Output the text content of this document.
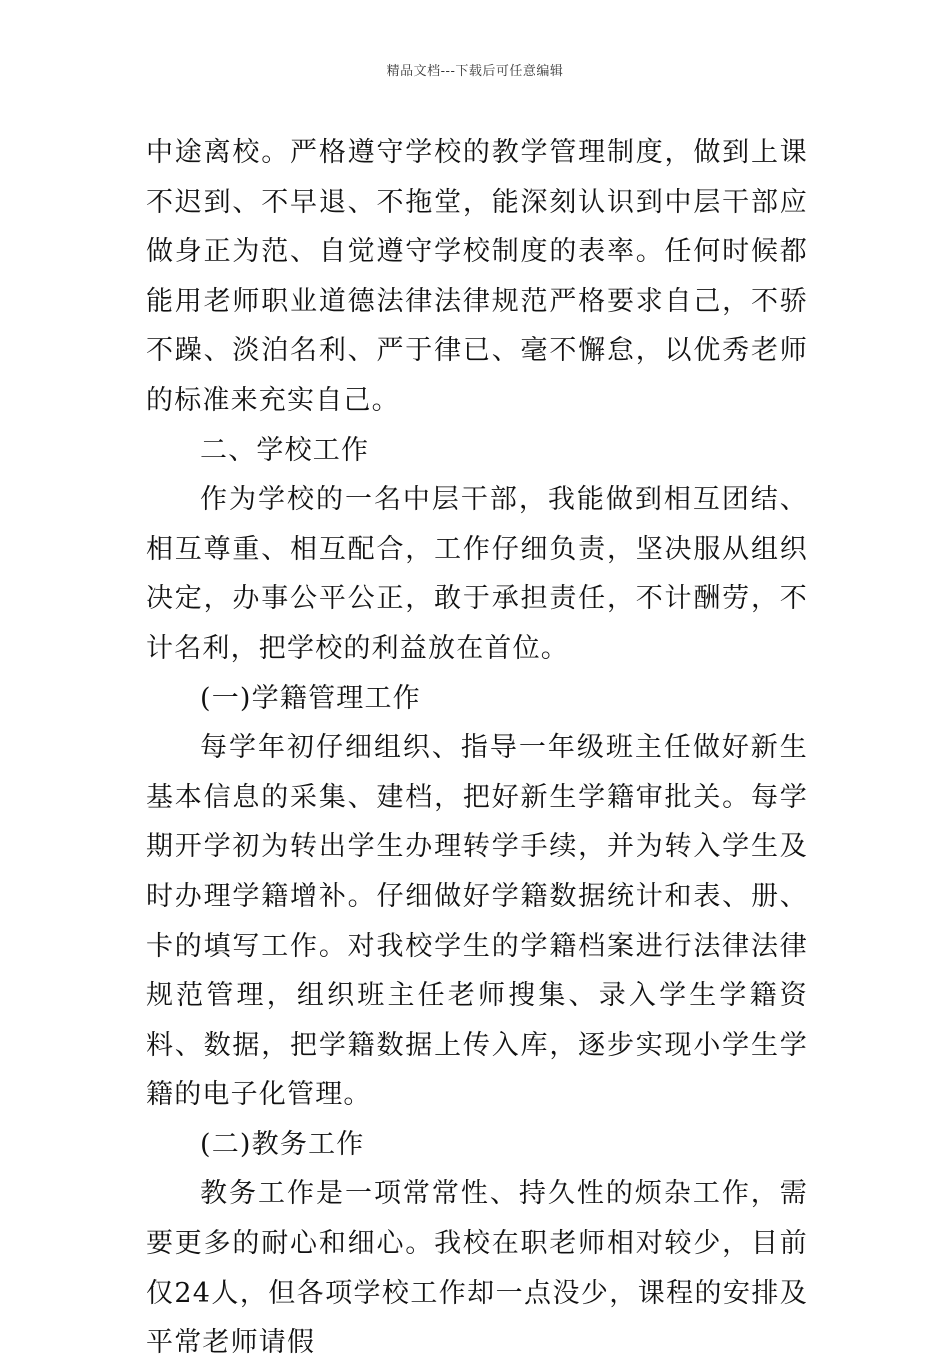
精品文档---下载后可任意编辑

中途离校。严格遵守学校的教学管理制度，做到上课不迟到、不早退、不拖堂，能深刻认识到中层干部应做身正为范、自觉遵守学校制度的表率。任何时候都能用老师职业道德法律法律规范严格要求自己，不骄不躁、淡泊名利、严于律已、毫不懈怠，以优秀老师的标准来充实自己。

二、学校工作

作为学校的一名中层干部，我能做到相互团结、相互尊重、相互配合，工作仔细负责，坚决服从组织决定，办事公平公正，敢于承担责任，不计酬劳，不计名利，把学校的利益放在首位。

(一)学籍管理工作

每学年初仔细组织、指导一年级班主任做好新生基本信息的采集、建档，把好新生学籍审批关。每学期开学初为转出学生办理转学手续，并为转入学生及时办理学籍增补。仔细做好学籍数据统计和表、册、卡的填写工作。对我校学生的学籍档案进行法律法律规范管理，组织班主任老师搜集、录入学生学籍资料、数据，把学籍数据上传入库，逐步实现小学生学籍的电子化管理。

(二)教务工作

教务工作是一项常常性、持久性的烦杂工作，需要更多的耐心和细心。我校在职老师相对较少，目前仅24人，但各项学校工作却一点没少，课程的安排及平常老师请假
